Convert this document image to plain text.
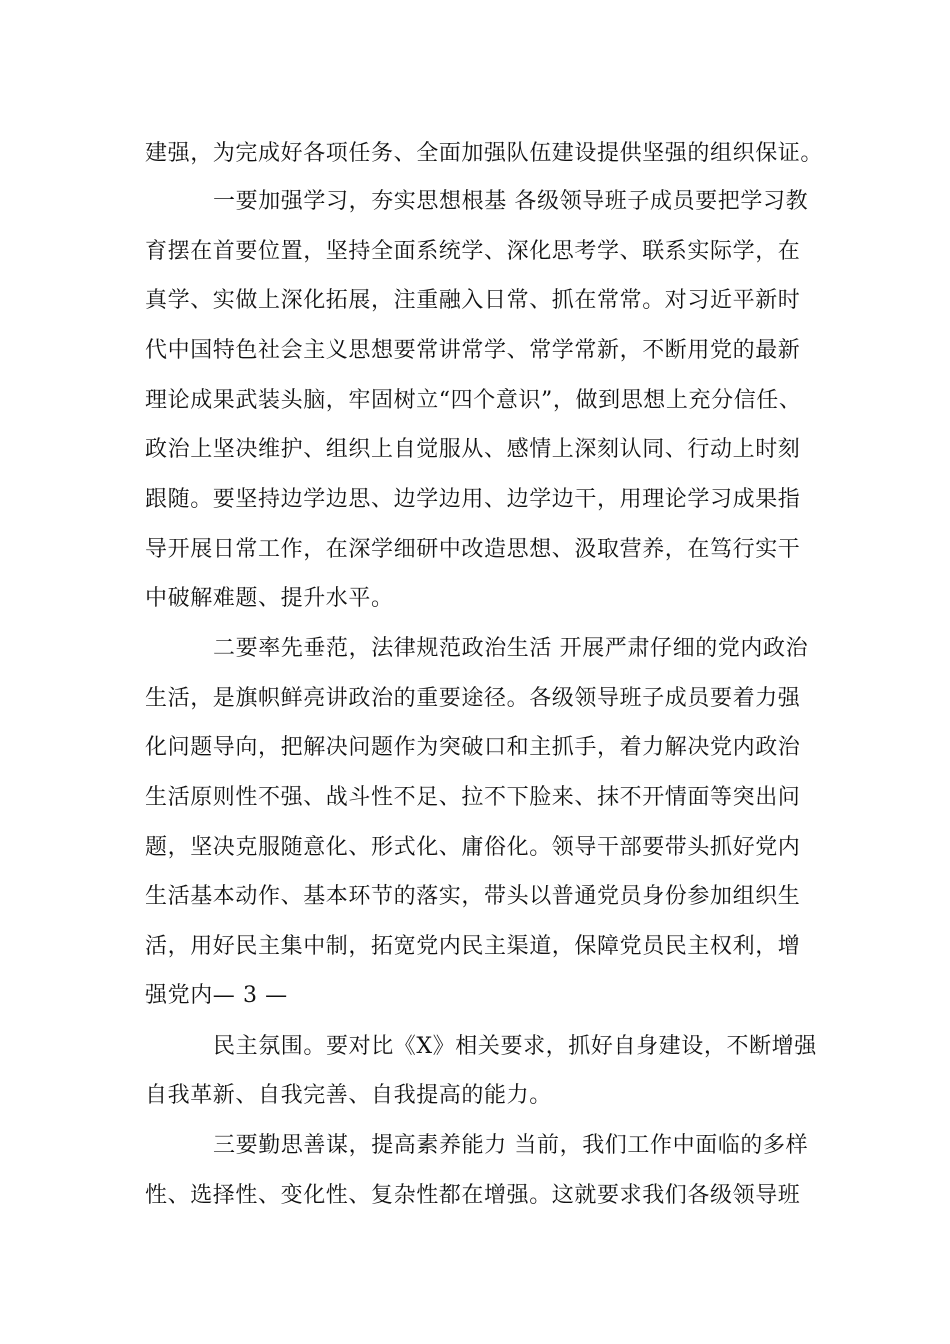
建强，为完成好各项任务、全面加强队伍建设提供坚强的组织保证。
一要加强学习，夯实思想根基 各级领导班子成员要把学习教
育摆在首要位置，坚持全面系统学、深化思考学、联系实际学，在
真学、实做上深化拓展，注重融入日常、抓在常常。对习近平新时
代中国特色社会主义思想要常讲常学、常学常新，不断用党的最新
理论成果武装头脑，牢固树立“四个意识”，做到思想上充分信任、
政治上坚决维护、组织上自觉服从、感情上深刻认同、行动上时刻
跟随。要坚持边学边思、边学边用、边学边干，用理论学习成果指
导开展日常工作，在深学细研中改造思想、汲取营养，在笃行实干
中破解难题、提升水平。
二要率先垂范，法律规范政治生活 开展严肃仔细的党内政治
生活，是旗帜鲜亮讲政治的重要途径。各级领导班子成员要着力强
化问题导向，把解决问题作为突破口和主抓手，着力解决党内政治
生活原则性不强、战斗性不足、拉不下脸来、抹不开情面等突出问
题，坚决克服随意化、形式化、庸俗化。领导干部要带头抓好党内
生活基本动作、基本环节的落实，带头以普通党员身份参加组织生
活，用好民主集中制，拓宽党内民主渠道，保障党员民主权利，增
强党内— 3 —
民主氛围。要对比《X》相关要求，抓好自身建设，不断增强
自我革新、自我完善、自我提高的能力。
三要勤思善谋，提高素养能力 当前，我们工作中面临的多样
性、选择性、变化性、复杂性都在增强。这就要求我们各级领导班
